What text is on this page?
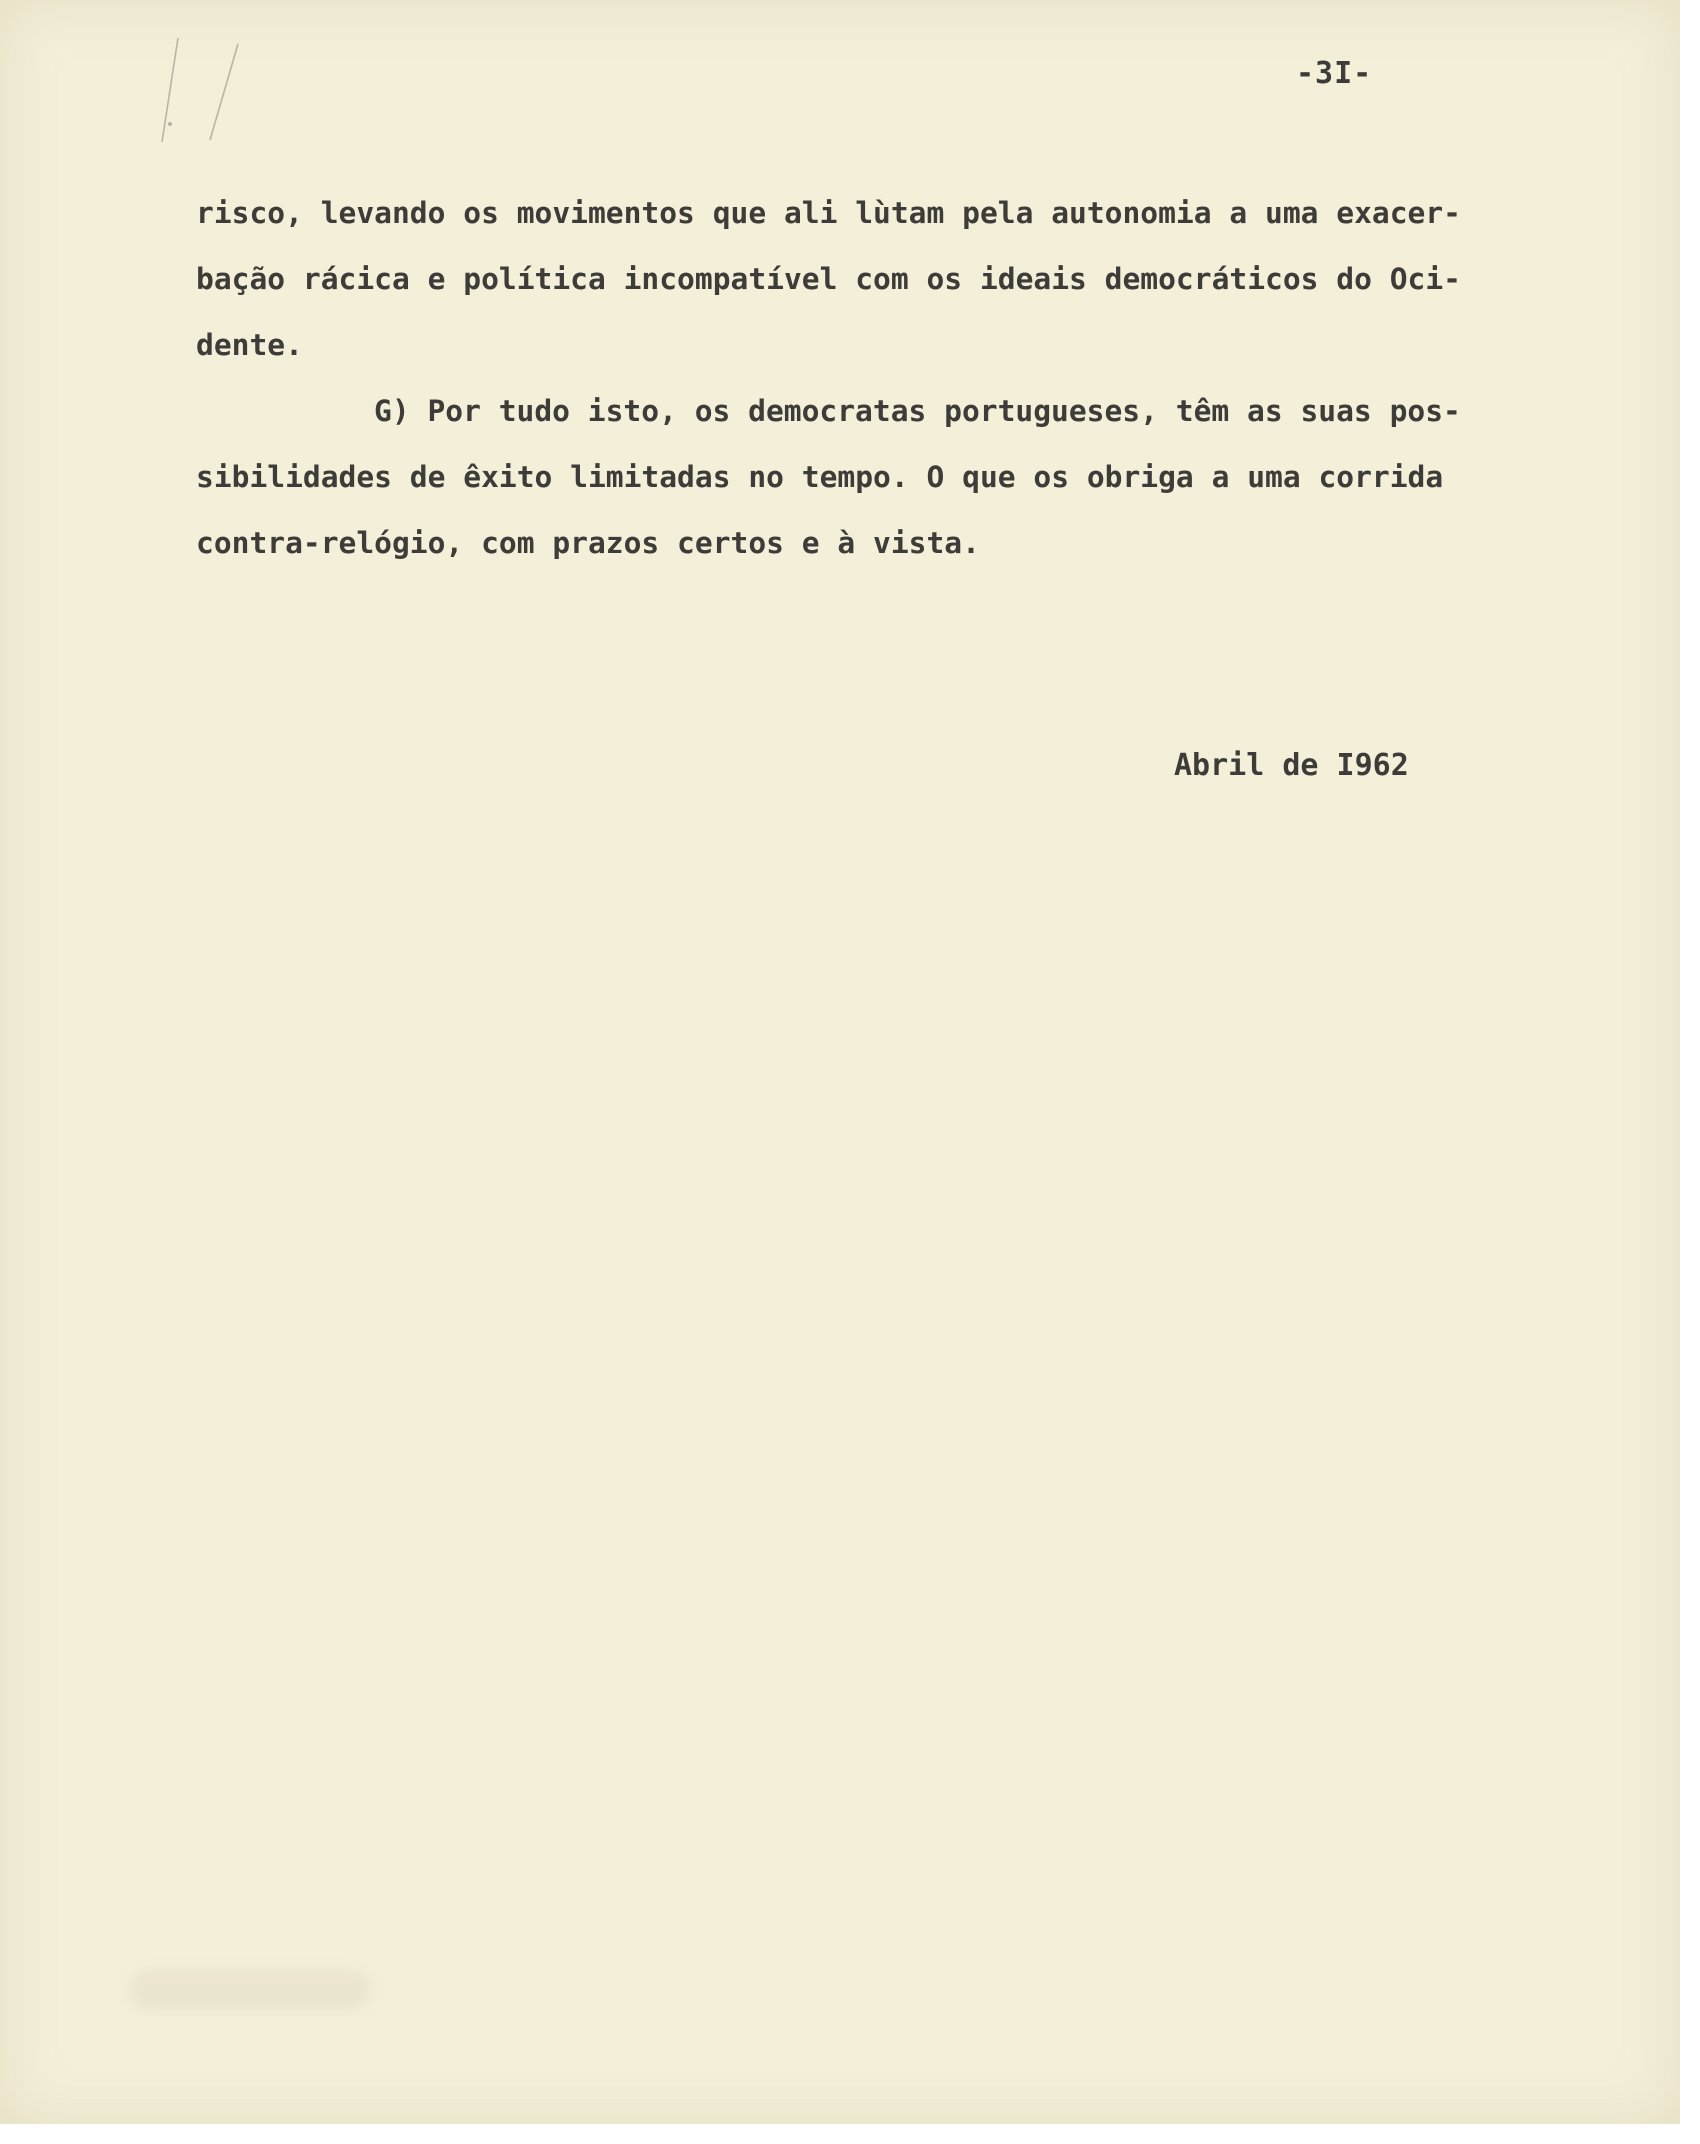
-3I-

risco, levando os movimentos que ali lùtam pela autonomia a uma exacer-
bação rácica e política incompatível com os ideais democráticos do Oci-
dente.
G) Por tudo isto, os democratas portugueses, têm as suas pos-
sibilidades de êxito limitadas no tempo. O que os obriga a uma corrida
contra-relógio, com prazos certos e à vista.

Abril de I962
